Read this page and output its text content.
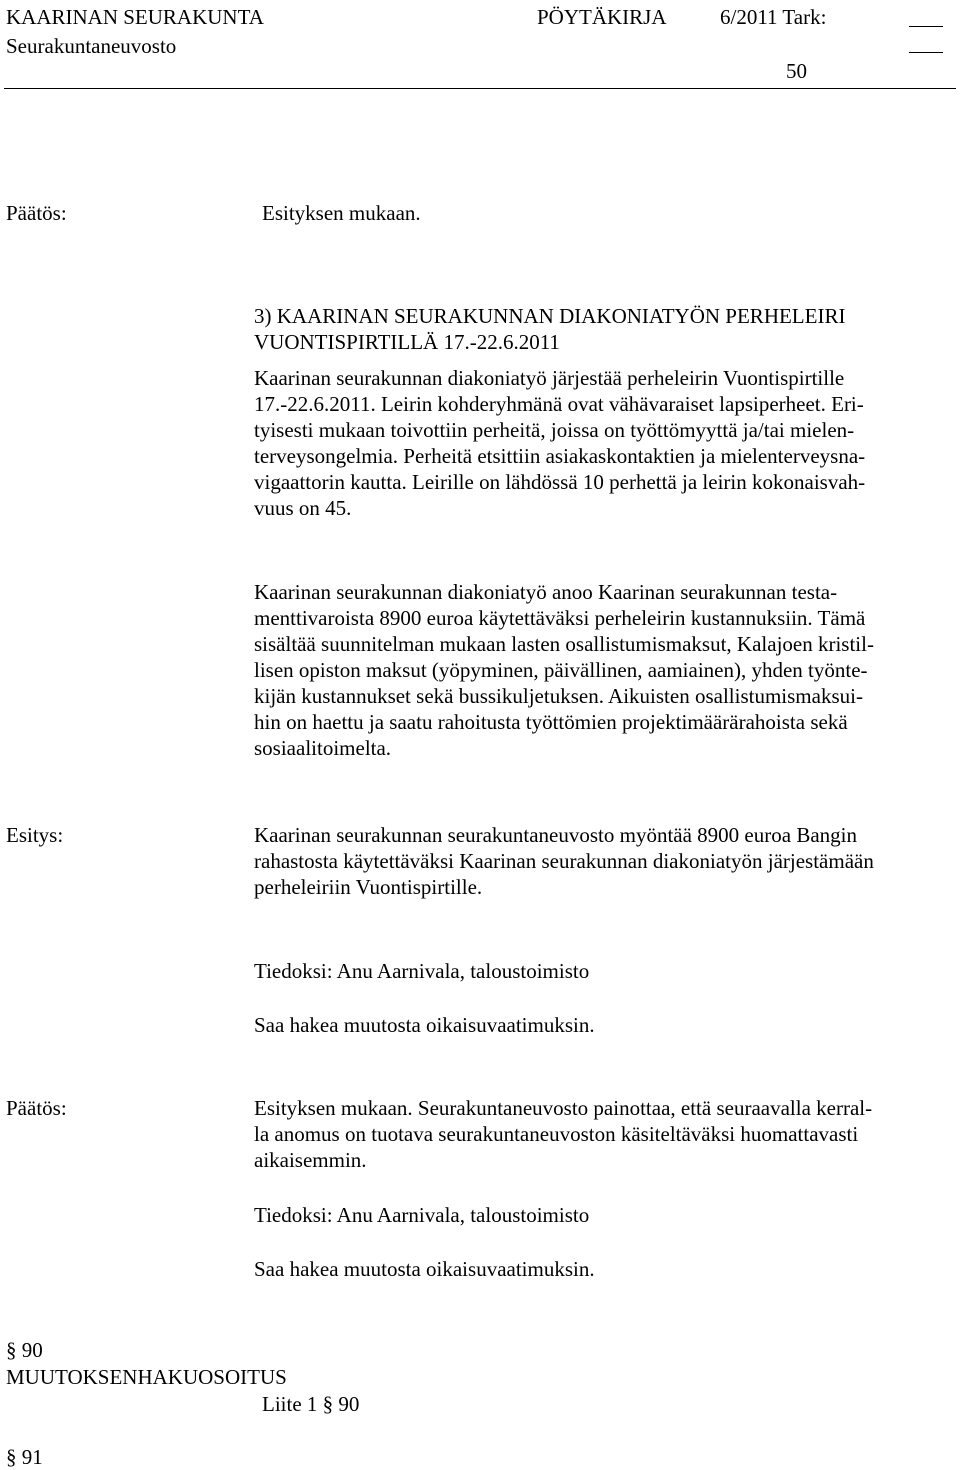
KAARINAN SEURAKUNTA
Seurakuntaneuvosto
PÖYTÄKIRJA	6/2011 Tark:
50
Päätös:	Esityksen mukaan.
3) KAARINAN SEURAKUNNAN DIAKONIATYÖN PERHELEIRI
VUONTISPIRTILLÄ 17.-22.6.2011
Kaarinan seurakunnan diakoniatyö järjestää perheleirin Vuontispirtille
17.-22.6.2011. Leirin kohderyhmänä ovat vähävaraiset lapsiperheet. Eri-
tyisesti mukaan toivottiin perheitä, joissa on työttömyyttä ja/tai mielen-
terveysongelmia. Perheitä etsittiin asiakaskontaktien ja mielenterveysna-
vigaattorin kautta. Leirille on lähdössä 10 perhettä ja leirin kokonaisvah-
vuus on 45.
Kaarinan seurakunnan diakoniatyö anoo Kaarinan seurakunnan testa-
menttivaroista 8900 euroa käytettäväksi perheleirin kustannuksiin. Tämä
sisältää suunnitelman mukaan lasten osallistumismaksut, Kalajoen kristil-
lisen opiston maksut (yöpyminen, päivällinen, aamiainen), yhden työnte-
kijän kustannukset sekä bussikuljetuksen. Aikuisten osallistumismaksui-
hin on haettu ja saatu rahoitusta työttömien projektimäärärahoista sekä
sosiaalitoimelta.
Esitys:	Kaarinan seurakunnan seurakuntaneuvosto myöntää 8900 euroa Bangin
rahastosta käytettäväksi Kaarinan seurakunnan diakoniatyön järjestämään
perheleiriin Vuontispirtille.
Tiedoksi: Anu Aarnivala, taloustoimisto
Saa hakea muutosta oikaisuvaatimuksin.
Päätös:	Esityksen mukaan. Seurakuntaneuvosto painottaa, että seuraavalla kerral-
la anomus on tuotava seurakuntaneuvoston käsiteltäväksi huomattavasti
aikaisemmin.
Tiedoksi: Anu Aarnivala, taloustoimisto
Saa hakea muutosta oikaisuvaatimuksin.
§ 90
MUUTOKSENHAKUOSOITUS
Liite 1 § 90
§ 91
